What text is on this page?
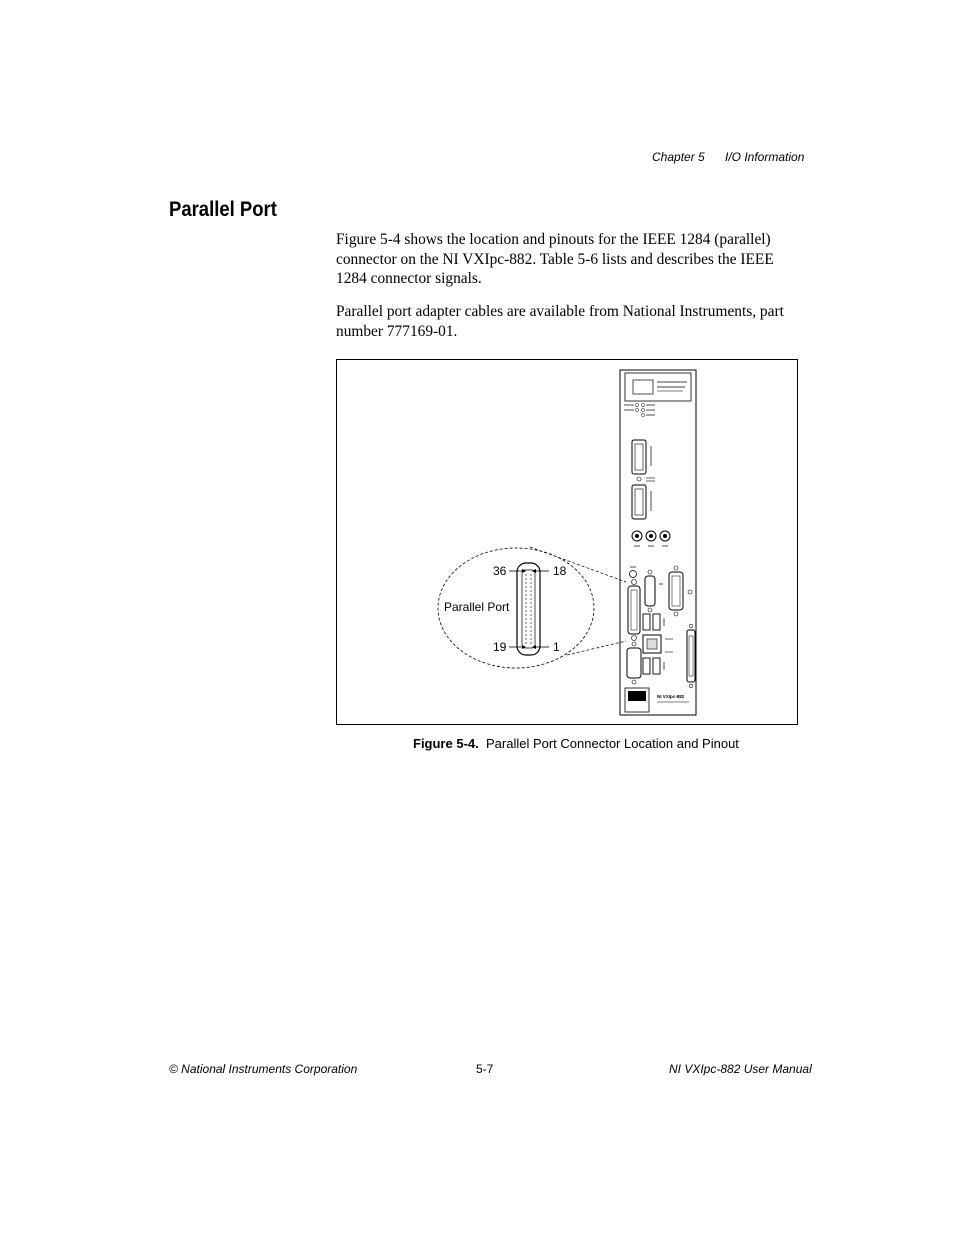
Chapter 5 I/O Information
Parallel Port
Figure 5-4 shows the location and pinouts for the IEEE 1284 (parallel) connector on the NI VXIpc-882. Table 5-6 lists and describes the IEEE 1284 connector signals.
Parallel port adapter cables are available from National Instruments, part number 777169-01.
NI VXIpc-882
36	18
19	1
Parallel Port
Figure 5-4. Parallel Port Connector Location and Pinout
© National Instruments Corporation	5-7	NI VXIpc-882 User Manual
